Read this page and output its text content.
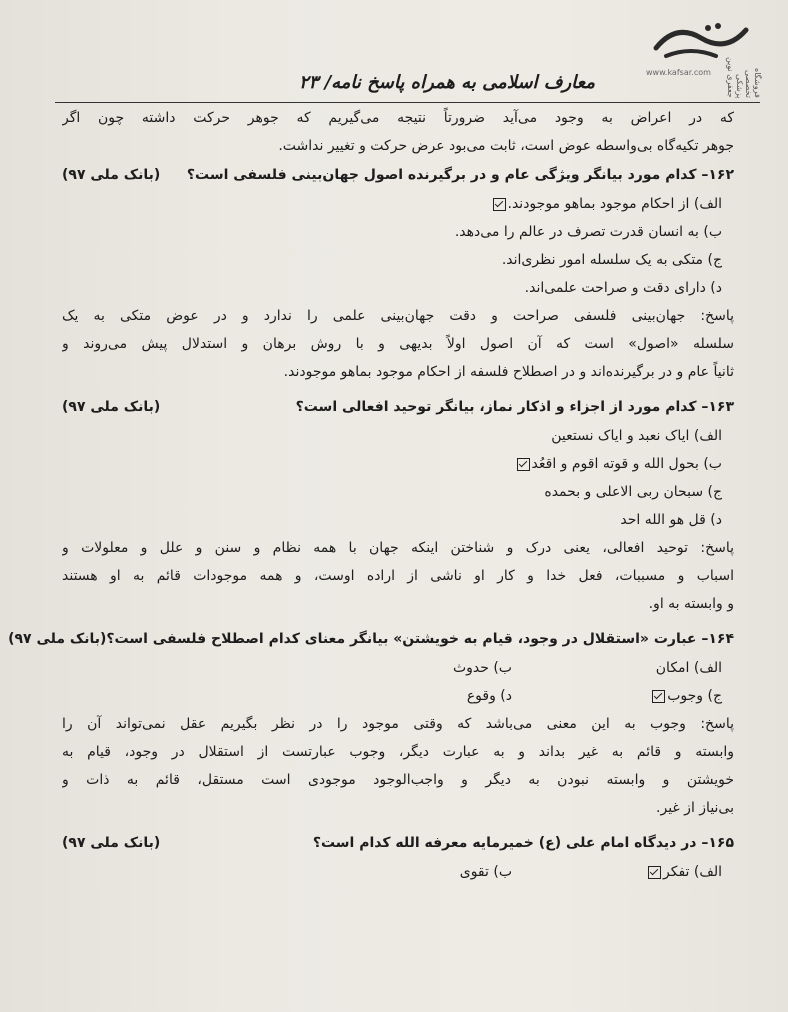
معارف اسلامی به همراه پاسخ نامه/ ۲۳	www.kafsar.com	فروشگاه تخصصی پزشکی جعفری نوین
که در اعراض به وجود می‌آید ضرورتاً نتیجه می‌گیریم که جوهر حرکت داشته چون اگر
جوهر تکیه‌گاه بی‌واسطه عوض است، ثابت می‌بود عرض حرکت و تغییر نداشت.
۱۶۲– کدام مورد بیانگر ویژگی عام و در برگیرنده اصول جهان‌بینی فلسفی است؟
(بانک ملی ۹۷)
الف) از احکام موجود بماهو موجودند.
ب) به انسان قدرت تصرف در عالم را می‌دهد.
ج) متکی به یک سلسله امور نظری‌اند.
د) دارای دقت و صراحت علمی‌اند.
پاسخ: جهان‌بینی فلسفی صراحت و دقت جهان‌بینی علمی را ندارد و در عوض متکی به یک
سلسله «اصول» است که آن اصول اولاً بدیهی و با روش برهان و استدلال پیش می‌روند و
ثانیاً عام و در برگیرنده‌اند و در اصطلاح فلسفه از احکام موجود بماهو موجودند.
۱۶۳– کدام مورد از اجزاء و اذکار نماز، بیانگر توحید افعالی است؟
(بانک ملی ۹۷)
الف) ایاک نعبد و ایاک نستعین
ب) بحول الله و قوته اقوم و اقعُد
ج) سبحان ربی الاعلی و بحمده
د) قل هو الله احد
پاسخ: توحید افعالی، یعنی درک و شناختن اینکه جهان با همه نظام و سنن و علل و معلولات و
اسباب و مسببات، فعل خدا و کار او ناشی از اراده اوست، و همه موجودات قائم به او هستند
و وابسته به او.
۱۶۴– عبارت «استقلال در وجود، قیام به خویشتن» بیانگر معنای کدام اصطلاح فلسفی است؟(بانک ملی ۹۷)
الف) امکان
ب) حدوث
ج) وجوب
د) وقوع
پاسخ: وجوب به این معنی می‌باشد که وقتی موجود را در نظر بگیریم عقل نمی‌تواند آن را
وابسته و قائم به غیر بداند و به عبارت دیگر، وجوب عبارتست از استقلال در وجود، قیام به
خویشتن و وابسته نبودن به دیگر و واجب‌الوجود موجودی است مستقل، قائم به ذات و
بی‌نیاز از غیر.
۱۶۵– در دیدگاه امام علی (ع) خمیرمایه معرفه الله کدام است؟
(بانک ملی ۹۷)
الف) تفکر
ب) تقوی
